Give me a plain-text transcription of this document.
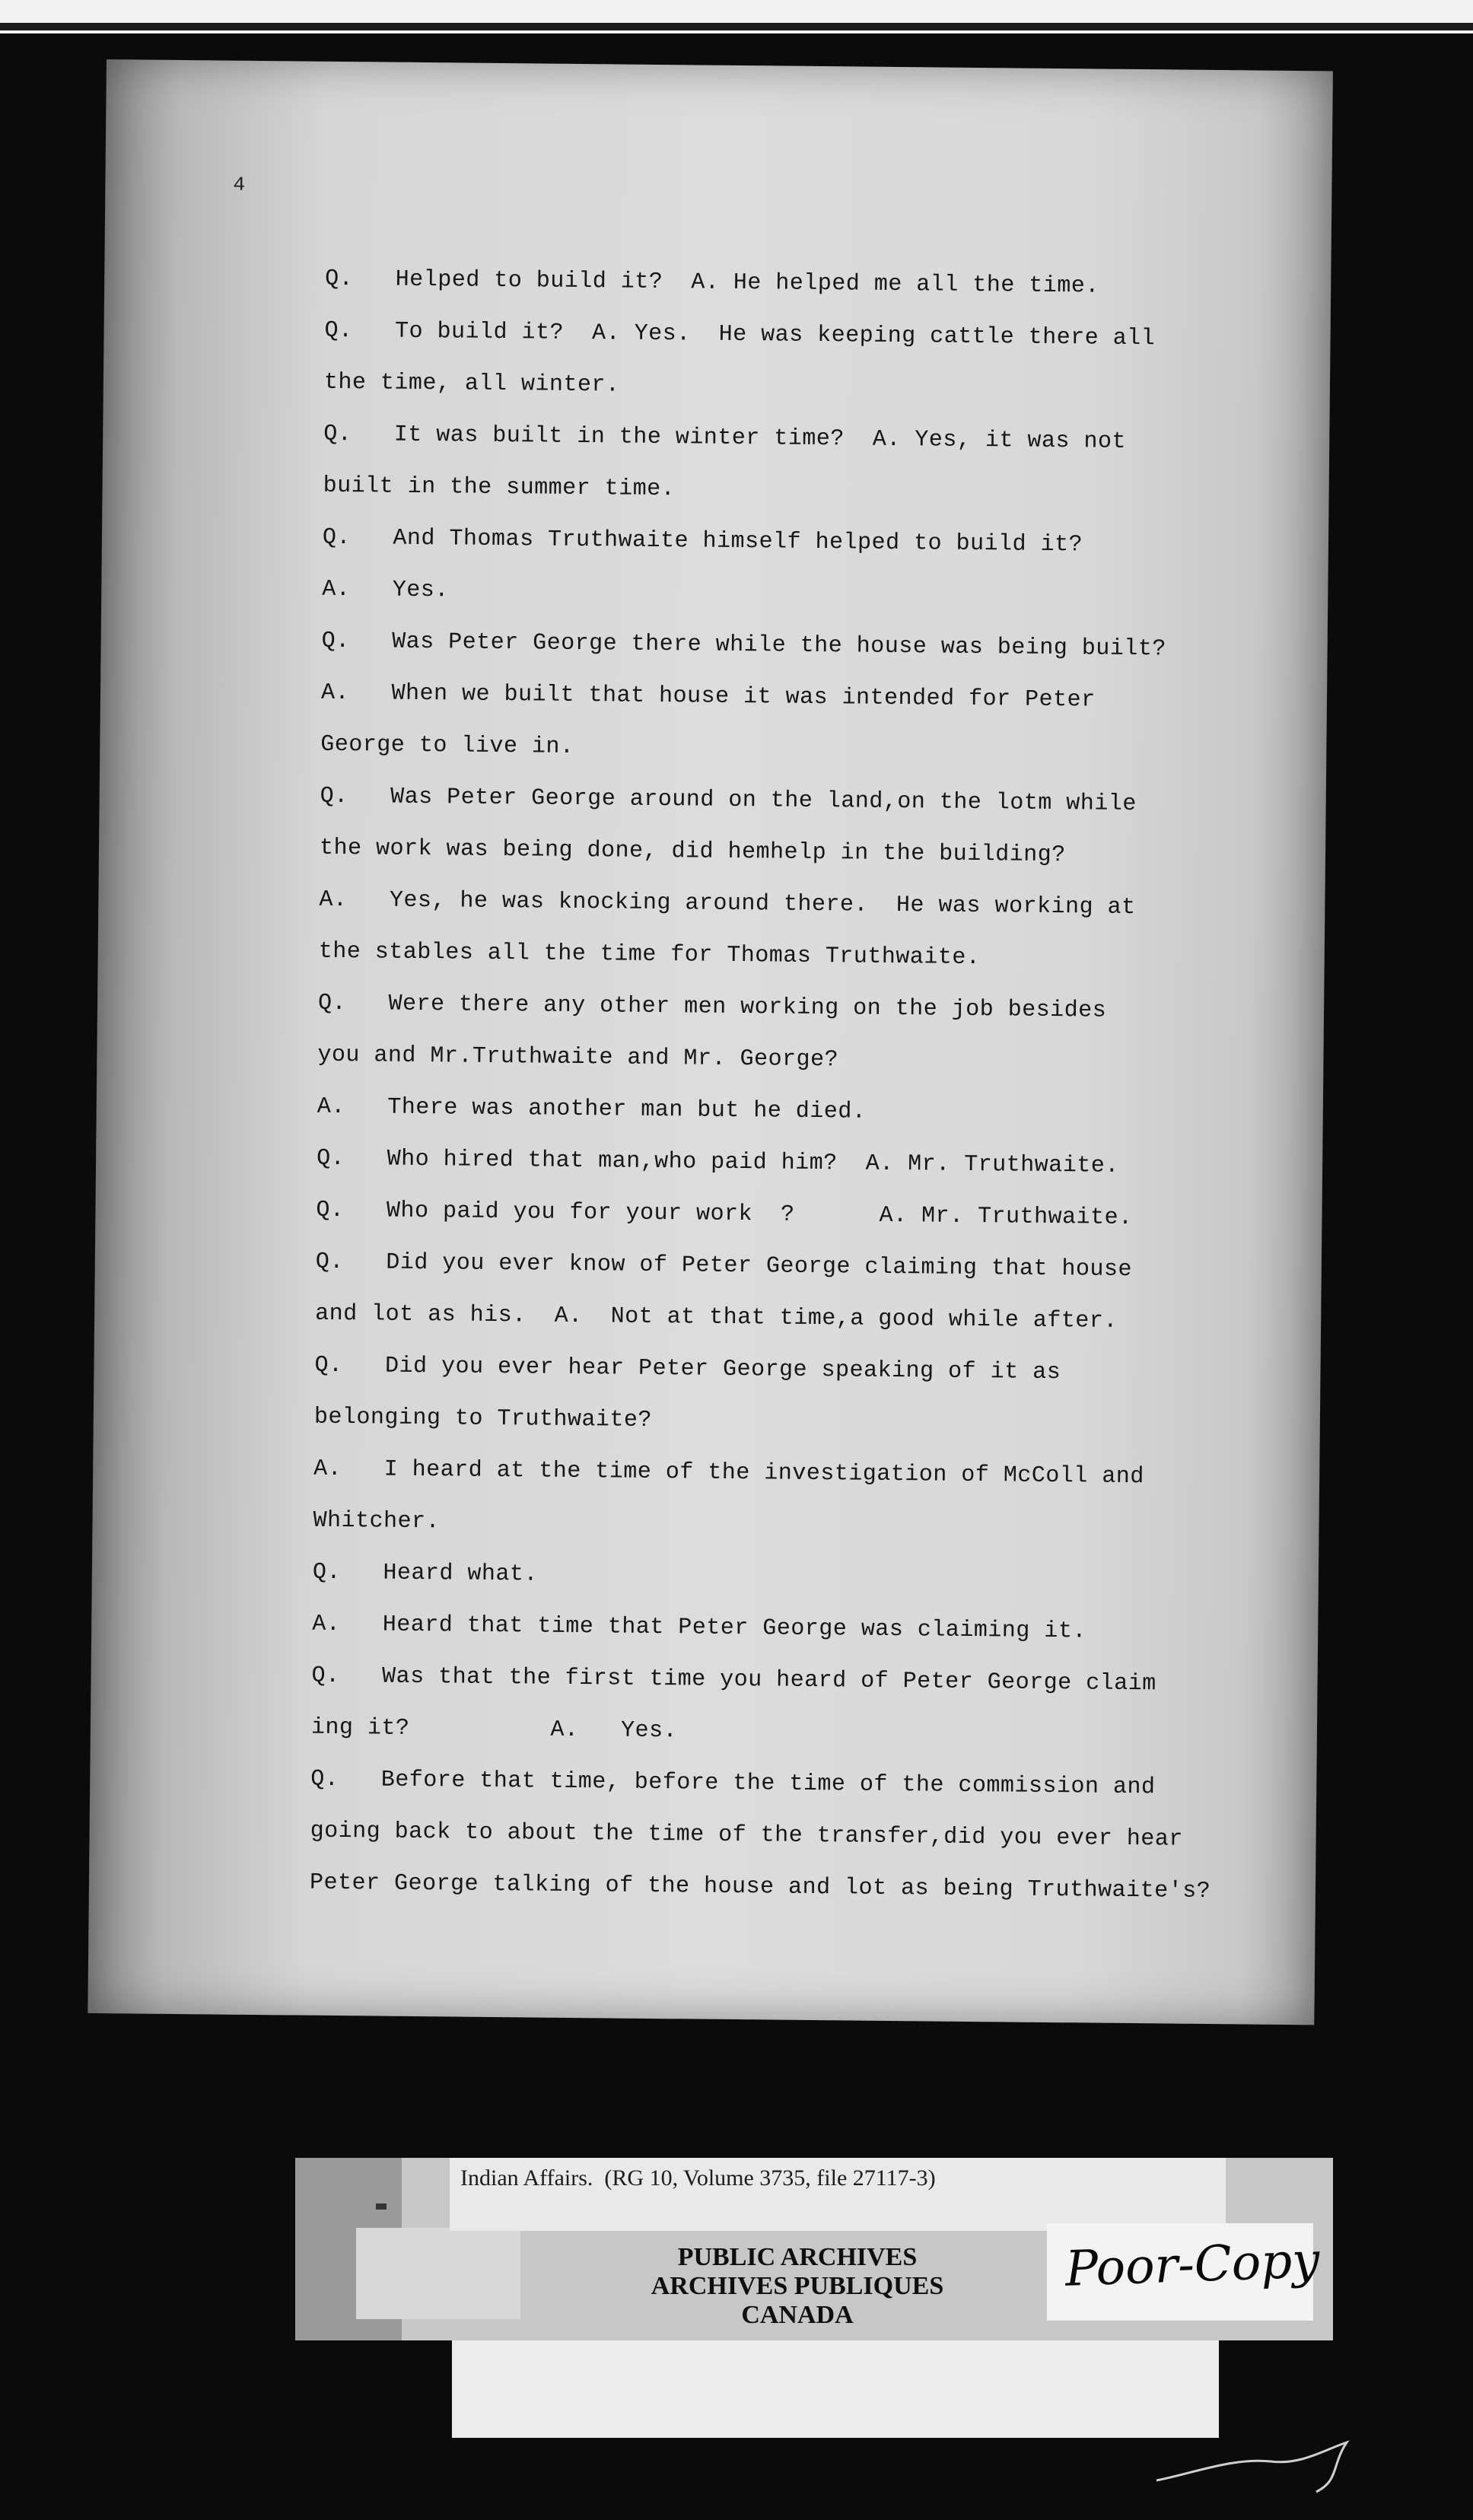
4
Q.   Helped to build it?  A. He helped me all the time.
Q.   To build it?  A. Yes.  He was keeping cattle there all
the time, all winter.
Q.   It was built in the winter time?  A. Yes, it was not
built in the summer time.
Q.   And Thomas Truthwaite himself helped to build it?
A.   Yes.
Q.   Was Peter George there while the house was being built?
A.   When we built that house it was intended for Peter
George to live in.
Q.   Was Peter George around on the land,on the lotm while
the work was being done, did hemhelp in the building?
A.   Yes, he was knocking around there.  He was working at
the stables all the time for Thomas Truthwaite.
Q.   Were there any other men working on the job besides
you and Mr.Truthwaite and Mr. George?
A.   There was another man but he died.
Q.   Who hired that man,who paid him?  A. Mr. Truthwaite.
Q.   Who paid you for your work  ?      A. Mr. Truthwaite.
Q.   Did you ever know of Peter George claiming that house
and lot as his.  A.  Not at that time,a good while after.
Q.   Did you ever hear Peter George speaking of it as
belonging to Truthwaite?
A.   I heard at the time of the investigation of McColl and
Whitcher.
Q.   Heard what.
A.   Heard that time that Peter George was claiming it.
Q.   Was that the first time you heard of Peter George claim
ing it?          A.   Yes.
Q.   Before that time, before the time of the commission and
going back to about the time of the transfer,did you ever hear
Peter George talking of the house and lot as being Truthwaite's?
Indian Affairs.  (RG 10, Volume 3735, file 27117-3)
PUBLIC ARCHIVES
ARCHIVES PUBLIQUES
CANADA
Poor-Copy
